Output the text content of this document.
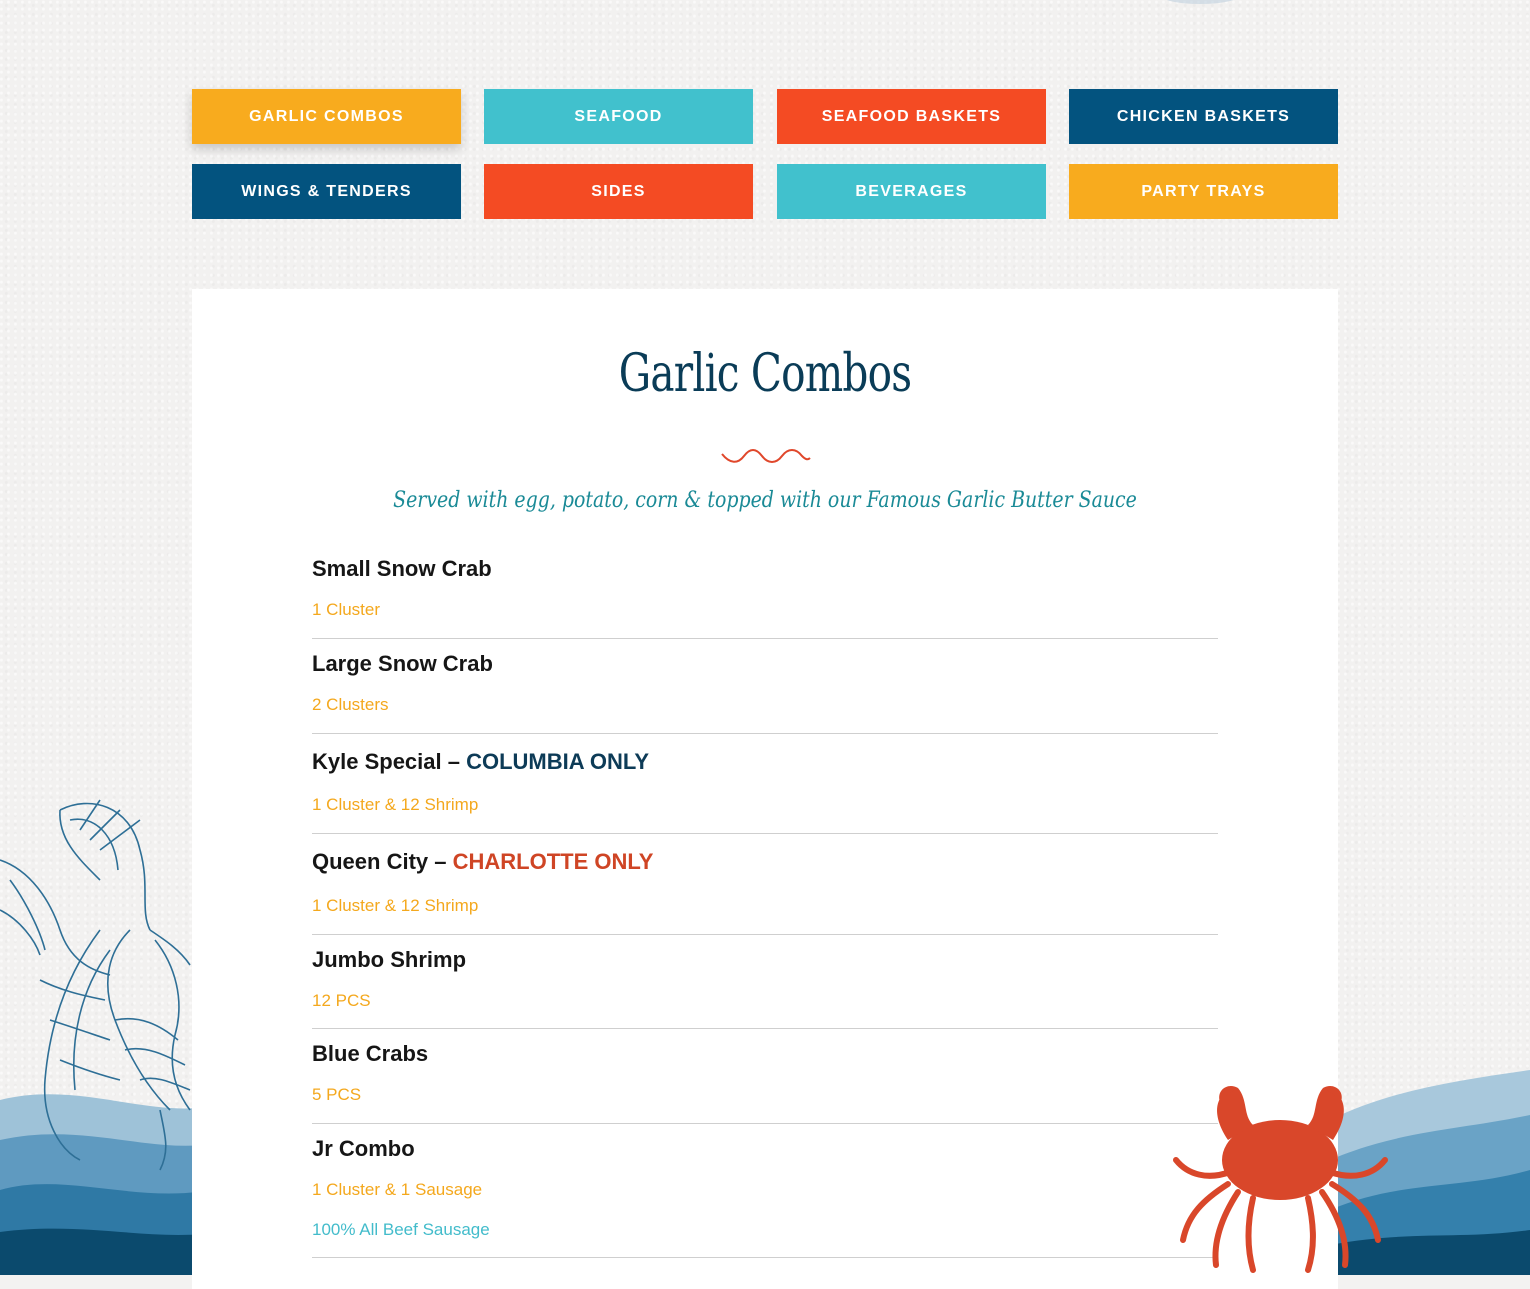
GARLIC COMBOS	SEAFOOD	SEAFOOD BASKETS	CHICKEN BASKETS
WINGS & TENDERS	SIDES	BEVERAGES	PARTY TRAYS
Garlic Combos
Served with egg, potato, corn & topped with our Famous Garlic Butter Sauce
Small Snow Crab
1 Cluster
Large Snow Crab
2 Clusters
Kyle Special – COLUMBIA ONLY
1 Cluster & 12 Shrimp
Queen City – CHARLOTTE ONLY
1 Cluster & 12 Shrimp
Jumbo Shrimp
12 PCS
Blue Crabs
5 PCS
Jr Combo
1 Cluster & 1 Sausage
100% All Beef Sausage
